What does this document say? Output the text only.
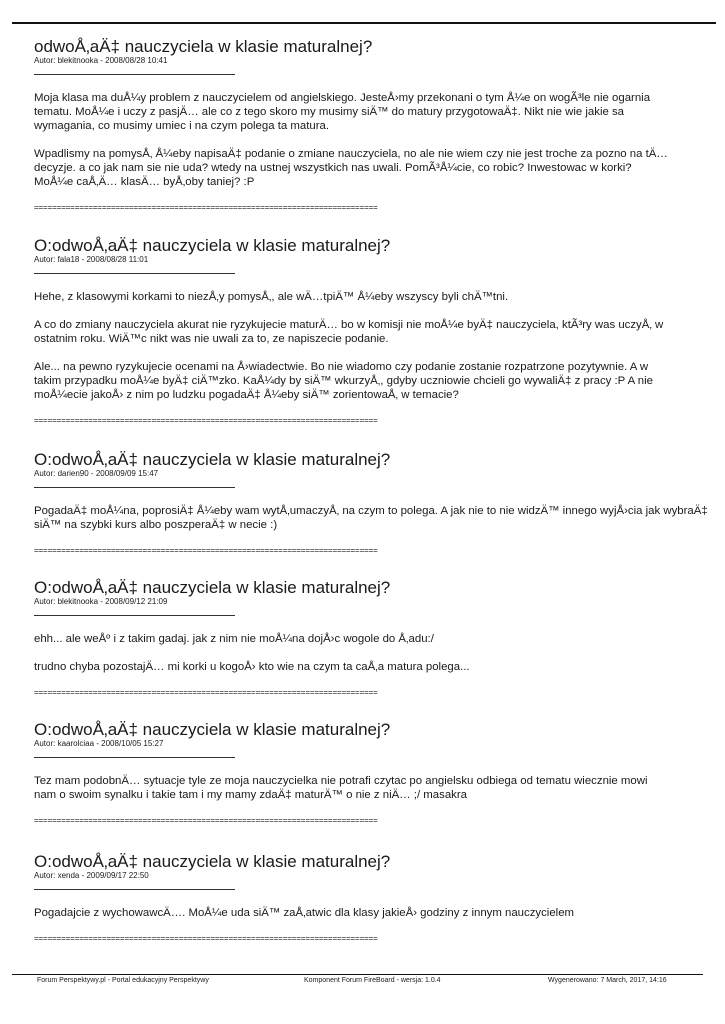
odwoÅ‚aÄ‡ nauczyciela w klasie maturalnej?
Autor: blekitnooka - 2008/08/28 10:41
Moja klasa ma duÅ¼y problem z nauczycielem od angielskiego. JesteÅ›my przekonani o tym Å¼e on wogÃ³le nie ogarnia
tematu. MoÅ¼e i uczy z pasjÄ… ale co z tego skoro my musimy siÄ™ do matury przygotowaÄ‡. Nikt nie wie jakie sa
wymagania, co musimy umiec i na czym polega ta matura.
Wpadlismy na pomysÅ‚ Å¼eby napisaÄ‡ podanie o zmiane nauczyciela, no ale nie wiem czy nie jest troche za pozno na tÄ…
decyzje. a co jak nam sie nie uda? wtedy na ustnej wszystkich nas uwali. PomÃ³Å¼cie, co robic? Inwestowac w korki?
MoÅ¼e caÅ‚Ä… klasÄ… byÅ‚oby taniej? :P
============================================================================
O:odwoÅ‚aÄ‡ nauczyciela w klasie maturalnej?
Autor: fala18 - 2008/08/28 11:01
Hehe, z klasowymi korkami to niezÅ‚y pomysÅ‚, ale wÄ…tpiÄ™ Å¼eby wszyscy byli chÄ™tni.
A co do zmiany nauczyciela akurat nie ryzykujecie maturÄ… bo w komisji nie moÅ¼e byÄ‡ nauczyciela, ktÃ³ry was uczyÅ‚ w
ostatnim roku. WiÄ™c nikt was nie uwali za to, ze napiszecie podanie.
Ale... na pewno ryzykujecie ocenami na Å›wiadectwie. Bo nie wiadomo czy podanie zostanie rozpatrzone pozytywnie. A w
takim przypadku moÅ¼e byÄ‡ ciÄ™zko. KaÅ¼dy by siÄ™ wkurzyÅ‚, gdyby uczniowie chcieli go wywaliÄ‡ z pracy :P A nie
moÅ¼ecie jakoÅ› z nim po ludzku pogadaÄ‡ Å¼eby siÄ™ zorientowaÅ‚ w temacie?
============================================================================
O:odwoÅ‚aÄ‡ nauczyciela w klasie maturalnej?
Autor: darien90 - 2008/09/09 15:47
PogadaÄ‡ moÅ¼na, poprosiÄ‡ Å¼eby wam wytÅ‚umaczyÅ‚ na czym to polega. A jak nie to nie widzÄ™ innego wyjÅ›cia jak wybraÄ‡
siÄ™ na szybki kurs albo poszperaÄ‡ w necie :)
============================================================================
O:odwoÅ‚aÄ‡ nauczyciela w klasie maturalnej?
Autor: blekitnooka - 2008/09/12 21:09
ehh... ale weÅº i z takim gadaj. jak z nim nie moÅ¼na dojÅ›c wogole do Å‚adu:/
trudno chyba pozostajÄ… mi korki u kogoÅ› kto wie na czym ta caÅ‚a matura polega...
============================================================================
O:odwoÅ‚aÄ‡ nauczyciela w klasie maturalnej?
Autor: kaarolciaa - 2008/10/05 15:27
Tez mam podobnÄ… sytuacje tyle ze moja nauczycielka nie potrafi czytac po angielsku odbiega od tematu wiecznie mowi
nam o swoim synalku i takie tam i my mamy zdaÄ‡ maturÄ™ o nie z niÄ… ;/ masakra
============================================================================
O:odwoÅ‚aÄ‡ nauczyciela w klasie maturalnej?
Autor: xenda - 2009/09/17 22:50
Pogadajcie z wychowawcÄ…. MoÅ¼e uda siÄ™ zaÅ‚atwic dla klasy jakieÅ› godziny z innym nauczycielem
============================================================================
Forum Perspektywy.pl - Portal edukacyjny Perspektywy	Komponent Forum FireBoard - wersja: 1.0.4	Wygenerowano: 7 March, 2017, 14:16
